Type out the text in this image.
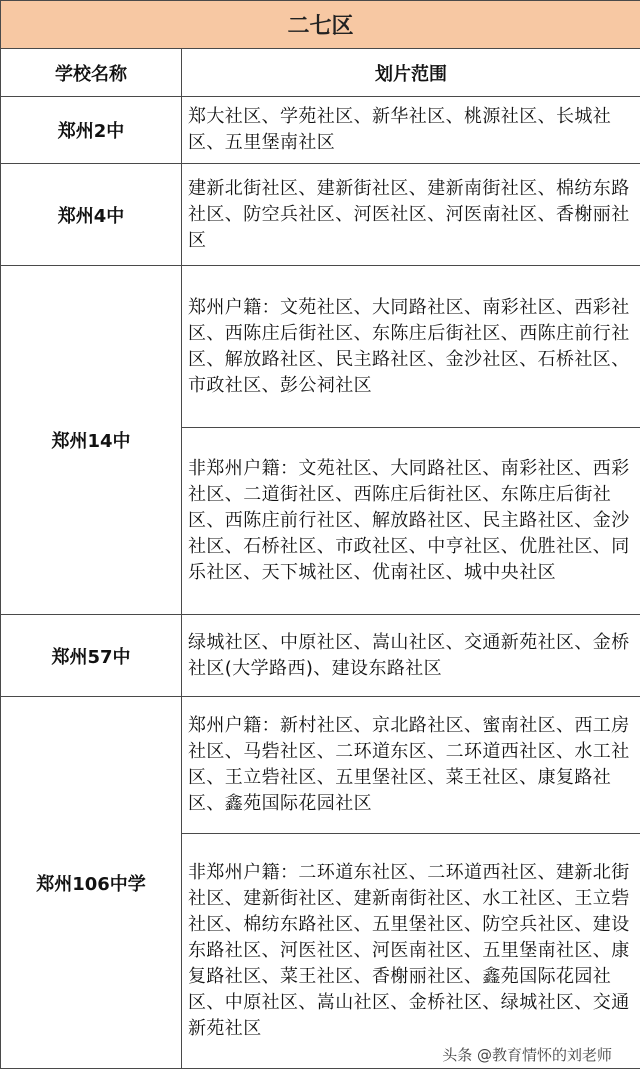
二七区	
学校名称	划片范围
郑州2中	郑大社区、学苑社区、新华社区、桃源社区、长城社区、五里堡南社区
郑州4中	建新北街社区、建新街社区、建新南街社区、棉纺东路社区、防空兵社区、河医社区、河医南社区、香榭丽社区
郑州14中	郑州户籍：文苑社区、大同路社区、南彩社区、西彩社区、西陈庄后街社区、东陈庄后街社区、西陈庄前行社区、解放路社区、民主路社区、金沙社区、石桥社区、市政社区、彭公祠社区
	非郑州户籍：文苑社区、大同路社区、南彩社区、西彩社区、二道街社区、西陈庄后街社区、东陈庄后街社区、西陈庄前行社区、解放路社区、民主路社区、金沙社区、石桥社区、市政社区、中亨社区、优胜社区、同乐社区、天下城社区、优南社区、城中央社区
郑州57中	绿城社区、中原社区、嵩山社区、交通新苑社区、金桥社区(大学路西)、建设东路社区
郑州106中学	郑州户籍：新村社区、京北路社区、蜜南社区、西工房社区、马砦社区、二环道东区、二环道西社区、水工社区、王立砦社区、五里堡社区、菜王社区、康复路社区、鑫苑国际花园社区
	非郑州户籍：二环道东社区、二环道西社区、建新北街社区、建新街社区、建新南街社区、水工社区、王立砦社区、棉纺东路社区、五里堡社区、防空兵社区、建设东路社区、河医社区、河医南社区、五里堡南社区、康复路社区、菜王社区、香榭丽社区、鑫苑国际花园社区、中原社区、嵩山社区、金桥社区、绿城社区、交通新苑社区
头条 @教育情怀的刘老师
